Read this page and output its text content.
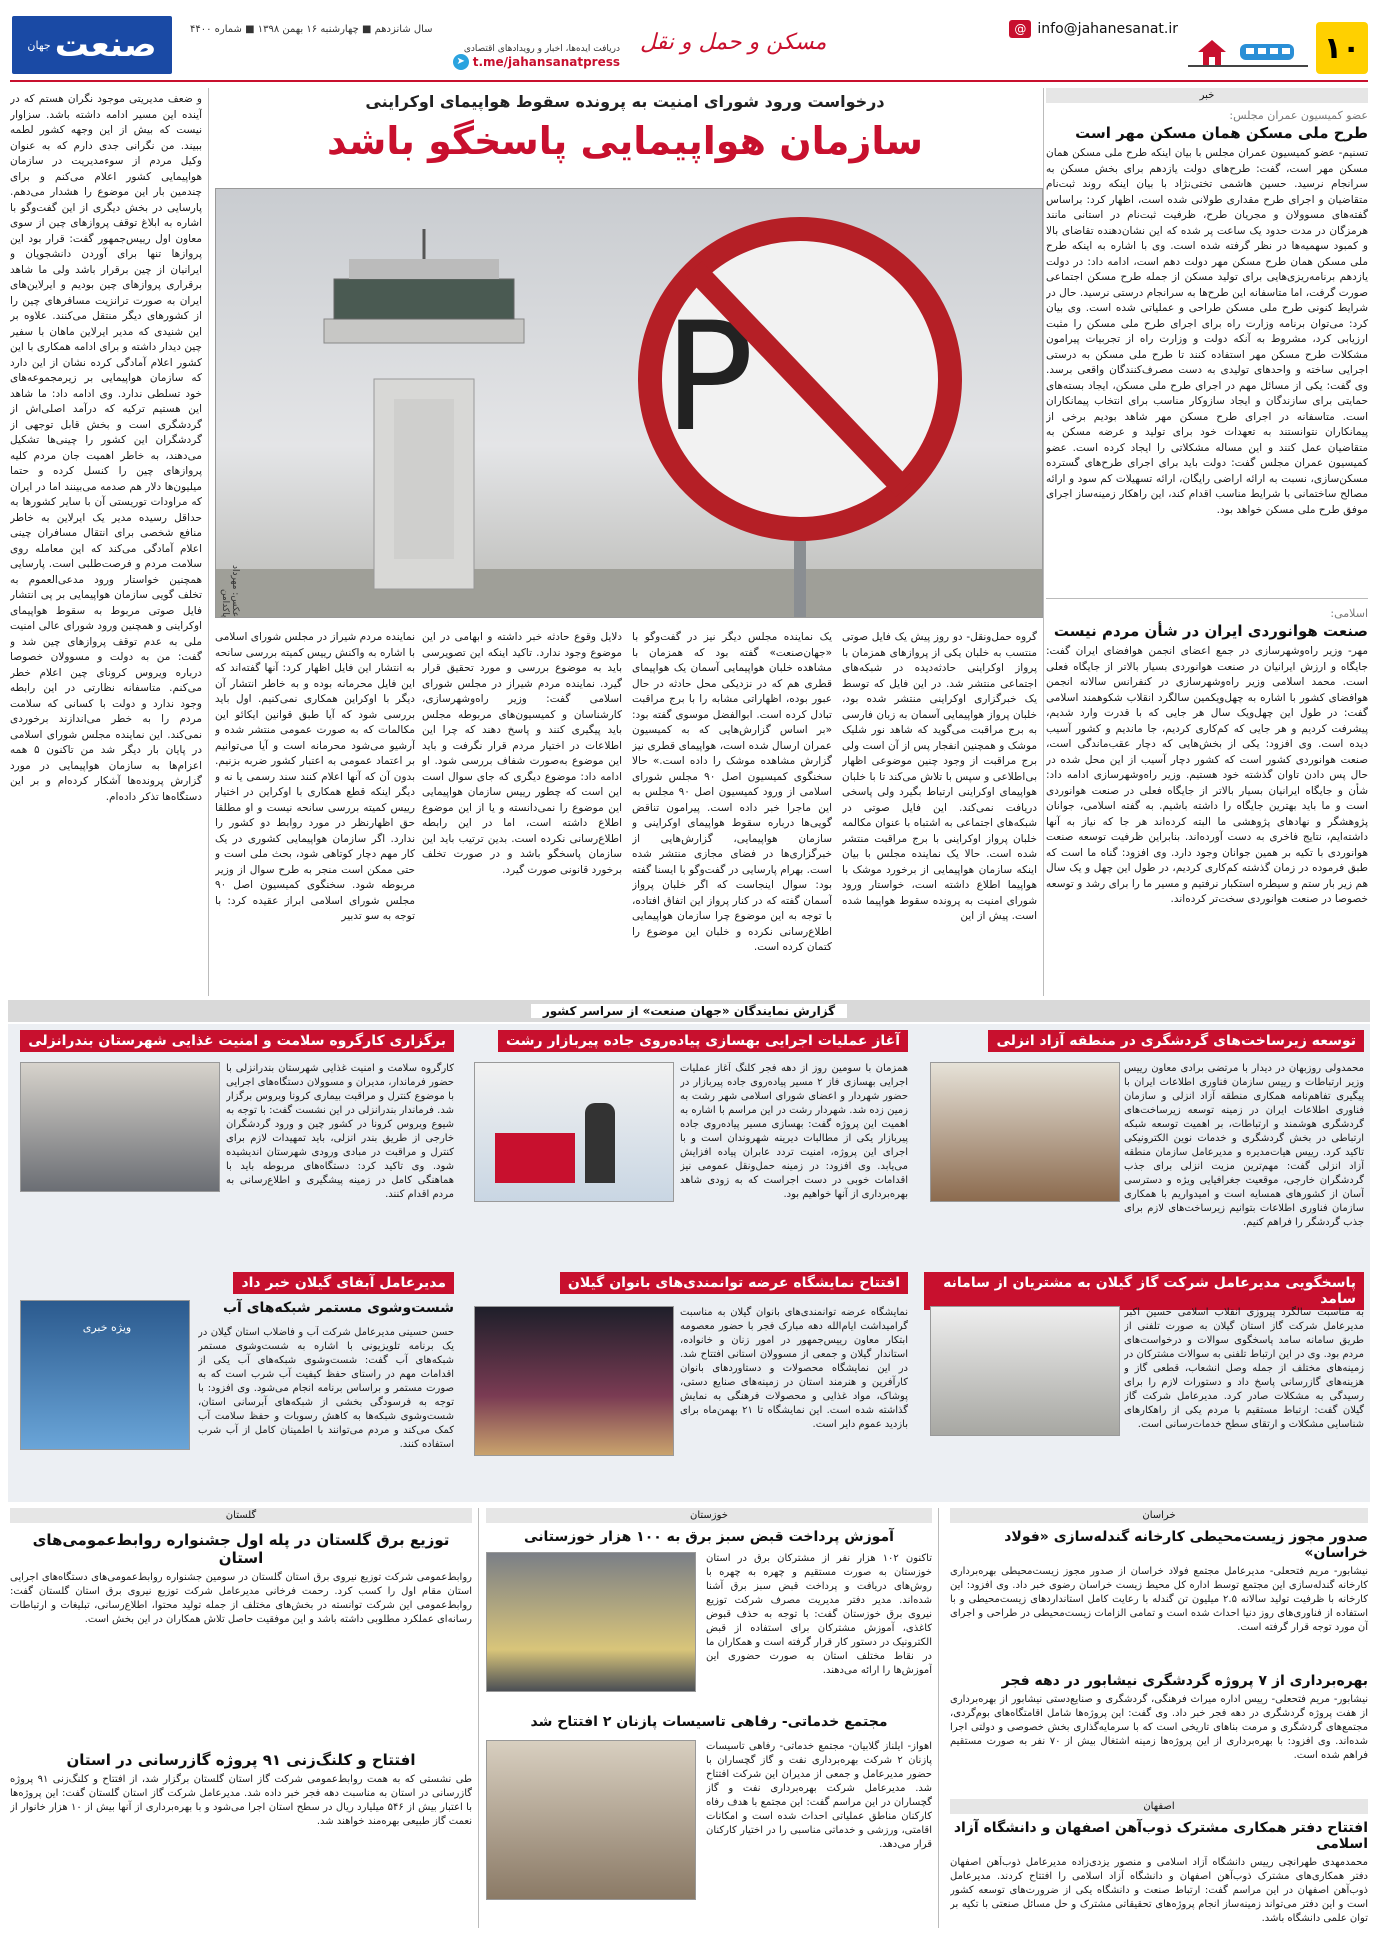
۱۰
@ info@jahanesanat.ir
مسکن و حمل و نقل
دریافت ایده‌ها، اخبار و رویدادهای اقتصادی
➤ t.me/jahansanatpress
سال شانزدهم ■ چهارشنبه ۱۶ بهمن ۱۳۹۸ ■ شماره ۴۴۰۰
صنعت
جهان
خبر
عضو کمیسیون عمران مجلس:
طرح ملی مسکن همان مسکن مهر است
تسنیم- عضو کمیسیون عمران مجلس با بیان اینکه طرح ملی مسکن همان مسکن مهر است، گفت: طرح‌های دولت یازدهم برای بخش مسکن به سرانجام نرسید. حسین هاشمی تختی‌نژاد با بیان اینکه روند ثبت‌نام متقاضیان و اجرای طرح مقداری طولانی شده است، اظهار کرد: براساس گفته‌های مسوولان و مجریان طرح، ظرفیت ثبت‌نام در استانی مانند هرمزگان در مدت حدود یک ساعت پر شده که این نشان‌دهنده تقاضای بالا و کمبود سهمیه‌ها در نظر گرفته شده است. وی با اشاره به اینکه طرح ملی مسکن همان طرح مسکن مهر دولت دهم است، ادامه داد: در دولت یازدهم برنامه‌ریزی‌هایی برای تولید مسکن از جمله طرح مسکن اجتماعی صورت گرفت، اما متاسفانه این طرح‌ها به سرانجام درستی نرسید. حال در شرایط کنونی طرح ملی مسکن طراحی و عملیاتی شده است. وی بیان کرد: می‌توان برنامه وزارت راه برای اجرای طرح ملی مسکن را مثبت ارزیابی کرد، مشروط به آنکه دولت و وزارت راه از تجربیات پیرامون مشکلات طرح مسکن مهر استفاده کنند تا طرح ملی مسکن به درستی اجرایی ساخته و واحدهای تولیدی به دست مصرف‌کنندگان واقعی برسد. وی گفت: یکی از مسائل مهم در اجرای طرح ملی مسکن، ایجاد بسته‌های حمایتی برای سازندگان و ایجاد سازوکار مناسب برای انتخاب پیمانکاران است. متاسفانه در اجرای طرح مسکن مهر شاهد بودیم برخی از پیمانکاران نتوانستند به تعهدات خود برای تولید و عرضه مسکن به متقاضیان عمل کنند و این مساله مشکلاتی را ایجاد کرده است. عضو کمیسیون عمران مجلس گفت: دولت باید برای اجرای طرح‌های گسترده مسکن‌سازی، نسبت به ارائه اراضی رایگان، ارائه تسهیلات کم سود و ارائه مصالح ساختمانی با شرایط مناسب اقدام کند، این راهکار زمینه‌ساز اجرای موفق طرح ملی مسکن خواهد بود.
اسلامی:
صنعت هوانوردی ایران در شأن مردم نیست
مهر- وزیر راه‌وشهرسازی در جمع اعضای انجمن هوافضای ایران گفت: جایگاه و ارزش ایرانیان در صنعت هوانوردی بسیار بالاتر از جایگاه فعلی است. محمد اسلامی وزیر راه‌وشهرسازی در کنفرانس سالانه انجمن هوافضای کشور با اشاره به چهل‌ویکمین سالگرد انقلاب شکوهمند اسلامی گفت: در طول این چهل‌ویک سال هر جایی که با قدرت وارد شدیم، پیشرفت کردیم و هر جایی که کم‌کاری کردیم، جا ماندیم و کشور آسیب دیده است. وی افزود: یکی از بخش‌هایی که دچار عقب‌ماندگی است، صنعت هوانوردی کشور است که کشور دچار آسیب از این محل شده در حال پس دادن تاوان گذشته خود هستیم. وزیر راه‌وشهرسازی ادامه داد: شأن و جایگاه ایرانیان بسیار بالاتر از جایگاه فعلی در صنعت هوانوردی است و ما باید بهترین جایگاه را داشته باشیم. به گفته اسلامی، جوانان پژوهشگر و نهادهای پژوهشی ما البته کرده‌اند هر جا که نیاز به آنها داشته‌ایم، نتایج فاخری به دست آورده‌اند. بنابراین ظرفیت توسعه صنعت هوانوردی با تکیه بر همین جوانان وجود دارد. وی افزود: گناه ما است که طبق فرموده در زمان گذشته کم‌کاری کردیم، در طول این چهل و یک سال هم زیر بار ستم و سیطره استکبار نرفتیم و مسیر ما را برای رشد و توسعه خصوصا در صنعت هوانوردی سخت‌تر کرده‌اند.
درخواست ورود شورای امنیت به پرونده سقوط هواپیمای اوکراینی
سازمان هواپیمایی پاسخگو باشد
P
عکس: مهرداد پاکدامن
گروه حمل‌ونقل- دو روز پیش یک فایل صوتی منتسب به خلبان یکی از پروازهای همزمان با پرواز اوکراینی حادثه‌دیده در شبکه‌های اجتماعی منتشر شد. در این فایل که توسط یک خبرگزاری اوکراینی منتشر شده بود، خلبان پرواز هواپیمایی آسمان به زبان فارسی به برج مراقبت می‌گوید که شاهد نور شلیک موشک و همچنین انفجار پس از آن است ولی برج مراقبت از وجود چنین موضوعی اظهار بی‌اطلاعی و سپس با تلاش می‌کند تا با خلبان هواپیمای اوکراینی ارتباط بگیرد ولی پاسخی دریافت نمی‌کند. این فایل صوتی در شبکه‌های اجتماعی به اشتباه با عنوان مکالمه خلبان پرواز اوکراینی با برج مراقبت منتشر شده است. حالا یک نماینده مجلس با بیان اینکه سازمان هواپیمایی از برخورد موشک با هواپیما اطلاع داشته است، خواستار ورود شورای امنیت به پرونده سقوط هواپیما شده است. پیش از این
یک نماینده مجلس دیگر نیز در گفت‌وگو با «جهان‌صنعت» گفته بود که همزمان با مشاهده خلبان هواپیمایی آسمان یک هواپیمای قطری هم که در نزدیکی محل حادثه در حال عبور بوده، اظهاراتی مشابه را با برج مراقبت تبادل کرده است. ابوالفضل موسوی گفته بود: «بر اساس گزارش‌هایی که به کمیسیون عمران ارسال شده است، هواپیمای قطری نیز گزارش مشاهده موشک را داده است.» حالا سخنگوی کمیسیون اصل ۹۰ مجلس شورای اسلامی از ورود کمیسیون اصل ۹۰ مجلس به این ماجرا خبر داده است. پیرامون تناقض گویی‌ها درباره سقوط هواپیمای اوکراینی و سازمان هواپیمایی، گزارش‌هایی از خبرگزاری‌ها در فضای مجازی منتشر شده است. بهرام پارسایی در گفت‌وگو با ایسنا گفته بود: سوال اینجاست که اگر خلبان پرواز آسمان گفته که در کنار پرواز این اتفاق افتاده، با توجه به این موضوع چرا سازمان هواپیمایی اطلاع‌رسانی نکرده و خلبان این موضوع را کتمان کرده است.
دلایل وقوع حادثه خبر داشته و ابهامی در این موضوع وجود ندارد. تاکید اینکه این تصویرسی باید به موضوع بررسی و مورد تحقیق قرار گیرد. نماینده مردم شیراز در مجلس شورای اسلامی گفت: وزیر راه‌وشهرسازی، کارشناسان و کمیسیون‌های مربوطه مجلس باید پیگیری کنند و پاسخ دهند که چرا این اطلاعات در اختیار مردم قرار نگرفت و باید این موضوع به‌صورت شفاف بررسی شود. او ادامه داد: موضوع دیگری که جای سوال است این است که چطور رییس سازمان هواپیمایی این موضوع را نمی‌دانسته و یا از این موضوع اطلاع داشته است، اما در این رابطه اطلاع‌رسانی نکرده است. بدین ترتیب باید این سازمان پاسخگو باشد و در صورت تخلف برخورد قانونی صورت گیرد.
نماینده مردم شیراز در مجلس شورای اسلامی با اشاره به واکنش رییس کمیته بررسی سانحه به انتشار این فایل اظهار کرد: آنها گفته‌اند که این فایل محرمانه بوده و به خاطر انتشار آن دیگر با اوکراین همکاری نمی‌کنیم. اول باید بررسی شود که آیا طبق قوانین ایکائو این مکالمات که به صورت عمومی منتشر شده و آرشیو می‌شود محرمانه است و آیا می‌توانیم بر اعتماد عمومی به اعتبار کشور ضربه بزنیم. بدون آن که آنها اعلام کنند سند رسمی یا نه و دیگر اینکه قطع همکاری با اوکراین در اختیار رییس کمیته بررسی سانحه نیست و او مطلقا حق اظهارنظر در مورد روابط دو کشور را ندارد. اگر سازمان هواپیمایی کشوری در یک کار مهم دچار کوتاهی شود، بحث ملی است و حتی ممکن است منجر به طرح سوال از وزیر مربوطه شود. سخنگوی کمیسیون اصل ۹۰ مجلس شورای اسلامی ابراز عقیده کرد: با توجه به سو تدبیر
و ضعف مدیریتی موجود نگران هستم که در آینده این مسیر ادامه داشته باشد. سزاوار نیست که بیش از این وجهه کشور لطمه ببیند. من نگرانی جدی دارم که به عنوان وکیل مردم از سوءمدیریت در سازمان هواپیمایی کشور اعلام می‌کنم و برای چندمین بار این موضوع را هشدار می‌دهم. پارسایی در بخش دیگری از این گفت‌وگو با اشاره به ابلاغ توقف پروازهای چین از سوی معاون اول رییس‌جمهور گفت: قرار بود این پروازها تنها برای آوردن دانشجویان و ایرانیان از چین برقرار باشد ولی ما شاهد برقراری پروازهای چین بودیم و ایرلاین‌های ایران به صورت ترانزیت مسافرهای چین را از کشورهای دیگر منتقل می‌کنند. علاوه بر این شنیدی که مدیر ایرلاین ماهان با سفیر چین دیدار داشته و برای ادامه همکاری با این کشور اعلام آمادگی کرده نشان از این دارد که سازمان هواپیمایی بر زیرمجموعه‌های خود تسلطی ندارد. وی ادامه داد: ما شاهد این هستیم ترکیه که درآمد اصلی‌اش از گردشگری است و بخش قابل توجهی از گردشگران این کشور را چینی‌ها تشکیل می‌دهند، به خاطر اهمیت جان مردم کلیه پروازهای چین را کنسل کرده و حتما میلیون‌ها دلار هم صدمه می‌بینند اما در ایران که مراودات توریستی آن با سایر کشورها به حداقل رسیده مدیر یک ایرلاین به خاطر منافع شخصی برای انتقال مسافران چینی اعلام آمادگی می‌کند که این معامله روی سلامت مردم و فرصت‌طلبی است. پارسایی همچنین خواستار ورود مدعی‌العموم به تخلف گویی سازمان هواپیمایی بر پی انتشار فایل صوتی مربوط به سقوط هواپیمای اوکراینی و همچنین ورود شورای عالی امنیت ملی به عدم توقف پروازهای چین شد و گفت: من به دولت و مسوولان خصوصا درباره ویروس کرونای چین اعلام خطر می‌کنم. متاسفانه نظارتی در این رابطه وجود ندارد و دولت با کسانی که سلامت مردم را به خطر می‌اندازند برخوردی نمی‌کند. این نماینده مجلس شورای اسلامی در پایان بار دیگر شد من تاکنون ۵ همه اعزام‌ها به سازمان هواپیمایی در مورد گزارش پرونده‌ها آشکار کرده‌ام و بر این دستگاه‌ها تذکر داده‌ام.
گزارش نمایندگان «جهان صنعت» از سراسر کشور
توسعه زیرساخت‌های گردشگری در منطقه آزاد انزلی
محمدولی روزبهان در دیدار با مرتضی برادی معاون رییس وزیر ارتباطات و رییس سازمان فناوری اطلاعات ایران با پیگیری تفاهم‌نامه همکاری منطقه آزاد انزلی و سازمان فناوری اطلاعات ایران در زمینه توسعه زیرساخت‌های گردشگری هوشمند و ارتباطات، بر اهمیت توسعه شبکه ارتباطی در بخش گردشگری و خدمات نوین الکترونیکی تاکید کرد. رییس هیات‌مدیره و مدیرعامل سازمان منطقه آزاد انزلی گفت: مهم‌ترین مزیت انزلی برای جذب گردشگران خارجی، موقعیت جغرافیایی ویژه و دسترسی آسان از کشورهای همسایه است و امیدواریم با همکاری سازمان فناوری اطلاعات بتوانیم زیرساخت‌های لازم برای جذب گردشگر را فراهم کنیم.
آغاز عملیات اجرایی بهسازی پیاده‌روی جاده پیربازار رشت
همزمان با سومین روز از دهه فجر کلنگ آغاز عملیات اجرایی بهسازی فاز ۲ مسیر پیاده‌روی جاده پیربازار در حضور شهردار و اعضای شورای اسلامی شهر رشت به زمین زده شد. شهردار رشت در این مراسم با اشاره به اهمیت این پروژه گفت: بهسازی مسیر پیاده‌روی جاده پیربازار یکی از مطالبات دیرینه شهروندان است و با اجرای این پروژه، امنیت تردد عابران پیاده افزایش می‌یابد. وی افزود: در زمینه حمل‌ونقل عمومی نیز اقدامات خوبی در دست اجراست که به زودی شاهد بهره‌برداری از آنها خواهیم بود.
برگزاری کارگروه سلامت و امنیت غذایی شهرستان بندرانزلی
کارگروه سلامت و امنیت غذایی شهرستان بندرانزلی با حضور فرماندار، مدیران و مسوولان دستگاه‌های اجرایی با موضوع کنترل و مراقبت بیماری کرونا ویروس برگزار شد. فرماندار بندرانزلی در این نشست گفت: با توجه به شیوع ویروس کرونا در کشور چین و ورود گردشگران خارجی از طریق بندر انزلی، باید تمهیدات لازم برای کنترل و مراقبت در مبادی ورودی شهرستان اندیشیده شود. وی تاکید کرد: دستگاه‌های مربوطه باید با هماهنگی کامل در زمینه پیشگیری و اطلاع‌رسانی به مردم اقدام کنند.
پاسخگویی مدیرعامل شرکت گاز گیلان به مشتریان از سامانه سامد
به مناسبت سالگرد پیروزی انقلاب اسلامی حسین اکبر مدیرعامل شرکت گاز استان گیلان به صورت تلفنی از طریق سامانه سامد پاسخگوی سوالات و درخواست‌های مردم بود. وی در این ارتباط تلفنی به سوالات مشترکان در زمینه‌های مختلف از جمله وصل انشعاب، قطعی گاز و هزینه‌های گازرسانی پاسخ داد و دستورات لازم را برای رسیدگی به مشکلات صادر کرد. مدیرعامل شرکت گاز گیلان گفت: ارتباط مستقیم با مردم یکی از راهکارهای شناسایی مشکلات و ارتقای سطح خدمات‌رسانی است.
افتتاح نمایشگاه عرضه توانمندی‌های بانوان گیلان
نمایشگاه عرضه توانمندی‌های بانوان گیلان به مناسبت گرامیداشت ایام‌الله دهه مبارک فجر با حضور معصومه ابتکار معاون رییس‌جمهور در امور زنان و خانواده، استاندار گیلان و جمعی از مسوولان استانی افتتاح شد. در این نمایشگاه محصولات و دستاوردهای بانوان کارآفرین و هنرمند استان در زمینه‌های صنایع دستی، پوشاک، مواد غذایی و محصولات فرهنگی به نمایش گذاشته شده است. این نمایشگاه تا ۲۱ بهمن‌ماه برای بازدید عموم دایر است.
مدیرعامل آبفای گیلان خبر داد
شست‌وشوی مستمر شبکه‌های آب
ویژه خبری	حسن حسینی مدیرعامل شرکت آب و فاضلاب استان گیلان در یک برنامه تلویزیونی با اشاره به شست‌وشوی مستمر شبکه‌های آب گفت: شست‌وشوی شبکه‌های آب یکی از اقدامات مهم در راستای حفظ کیفیت آب شرب است که به صورت مستمر و براساس برنامه انجام می‌شود. وی افزود: با توجه به فرسودگی بخشی از شبکه‌های آبرسانی استان، شست‌وشوی شبکه‌ها به کاهش رسوبات و حفظ سلامت آب کمک می‌کند و مردم می‌توانند با اطمینان کامل از آب شرب استفاده کنند.
خراسان
صدور مجوز زیست‌محیطی کارخانه گندله‌سازی «فولاد خراسان»
نیشابور- مریم فتحعلی- مدیرعامل مجتمع فولاد خراسان از صدور مجوز زیست‌محیطی بهره‌برداری کارخانه گندله‌سازی این مجتمع توسط اداره کل محیط زیست خراسان رضوی خبر داد. وی افزود: این کارخانه با ظرفیت تولید سالانه ۲.۵ میلیون تن گندله با رعایت کامل استانداردهای زیست‌محیطی و با استفاده از فناوری‌های روز دنیا احداث شده است و تمامی الزامات زیست‌محیطی در طراحی و اجرای آن مورد توجه قرار گرفته است.
بهره‌برداری از ۷ پروژه گردشگری نیشابور در دهه فجر
نیشابور- مریم فتحعلی- رییس اداره میراث فرهنگی، گردشگری و صنایع‌دستی نیشابور از بهره‌برداری از هفت پروژه گردشگری در دهه فجر خبر داد. وی گفت: این پروژه‌ها شامل اقامتگاه‌های بوم‌گردی، مجتمع‌های گردشگری و مرمت بناهای تاریخی است که با سرمایه‌گذاری بخش خصوصی و دولتی اجرا شده‌اند. وی افزود: با بهره‌برداری از این پروژه‌ها زمینه اشتغال بیش از ۷۰ نفر به صورت مستقیم فراهم شده است.
اصفهان
افتتاح دفتر همکاری مشترک ذوب‌آهن اصفهان و دانشگاه آزاد اسلامی
محمدمهدی طهرانچی رییس دانشگاه آزاد اسلامی و منصور یزدی‌زاده مدیرعامل ذوب‌آهن اصفهان دفتر همکاری‌های مشترک ذوب‌آهن اصفهان و دانشگاه آزاد اسلامی را افتتاح کردند. مدیرعامل ذوب‌آهن اصفهان در این مراسم گفت: ارتباط صنعت و دانشگاه یکی از ضرورت‌های توسعه کشور است و این دفتر می‌تواند زمینه‌ساز انجام پروژه‌های تحقیقاتی مشترک و حل مسائل صنعتی با تکیه بر توان علمی دانشگاه باشد.
خوزستان
آموزش پرداخت قبض سبز برق به ۱۰۰ هزار خوزستانی
تاکنون ۱۰۲ هزار نفر از مشترکان برق در استان خوزستان به صورت مستقیم و چهره به چهره با روش‌های دریافت و پرداخت قبض سبز برق آشنا شده‌اند. مدیر دفتر مدیریت مصرف شرکت توزیع نیروی برق خوزستان گفت: با توجه به حذف قبوض کاغذی، آموزش مشترکان برای استفاده از قبض الکترونیک در دستور کار قرار گرفته است و همکاران ما در نقاط مختلف استان به صورت حضوری این آموزش‌ها را ارائه می‌دهند.
مجتمع خدماتی- رفاهی تاسیسات پازنان ۲ افتتاح شد
اهواز- ایلناز گلابیان- مجتمع خدماتی- رفاهی تاسیسات پازنان ۲ شرکت بهره‌برداری نفت و گاز گچساران با حضور مدیرعامل و جمعی از مدیران این شرکت افتتاح شد. مدیرعامل شرکت بهره‌برداری نفت و گاز گچساران در این مراسم گفت: این مجتمع با هدف رفاه کارکنان مناطق عملیاتی احداث شده است و امکانات اقامتی، ورزشی و خدماتی مناسبی را در اختیار کارکنان قرار می‌دهد.
گلستان
توزیع برق گلستان در پله اول جشنواره روابط‌عمومی‌های استان
روابط‌عمومی شرکت توزیع نیروی برق استان گلستان در سومین جشنواره روابط‌عمومی‌های دستگاه‌های اجرایی استان مقام اول را کسب کرد. رحمت فرخانی مدیرعامل شرکت توزیع نیروی برق استان گلستان گفت: روابط‌عمومی این شرکت توانسته در بخش‌های مختلف از جمله تولید محتوا، اطلاع‌رسانی، تبلیغات و ارتباطات رسانه‌ای عملکرد مطلوبی داشته باشد و این موفقیت حاصل تلاش همکاران در این بخش است.
افتتاح و کلنگ‌زنی ۹۱ پروژه گازرسانی در استان
طی نشستی که به همت روابط‌عمومی شرکت گاز استان گلستان برگزار شد، از افتتاح و کلنگ‌زنی ۹۱ پروژه گازرسانی در استان به مناسبت دهه فجر خبر داده شد. مدیرعامل شرکت گاز استان گلستان گفت: این پروژه‌ها با اعتبار بیش از ۵۴۶ میلیارد ریال در سطح استان اجرا می‌شود و با بهره‌برداری از آنها بیش از ۱۰ هزار خانوار از نعمت گاز طبیعی بهره‌مند خواهند شد.
